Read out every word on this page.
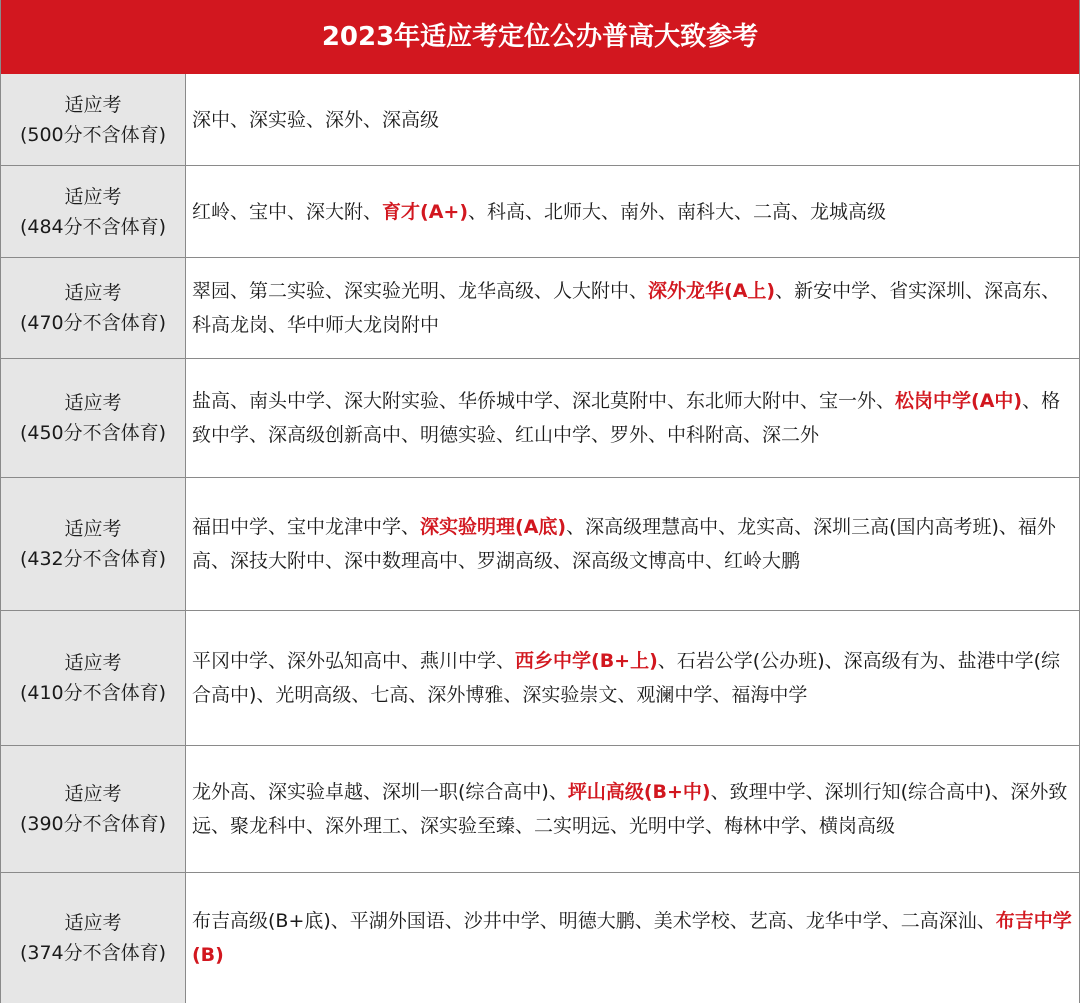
2023年适应考定位公办普高大致参考
适应考
(500分不含体育)
深中、深实验、深外、深高级
适应考
(484分不含体育)
红岭、宝中、深大附、育才(A+)、科高、北师大、南外、南科大、二高、龙城高级
适应考
(470分不含体育)
翠园、第二实验、深实验光明、龙华高级、人大附中、深外龙华(A上)、新安中学、省实深圳、深高东、科高龙岗、华中师大龙岗附中
适应考
(450分不含体育)
盐高、南头中学、深大附实验、华侨城中学、深北莫附中、东北师大附中、宝一外、松岗中学(A中)、格致中学、深高级创新高中、明德实验、红山中学、罗外、中科附高、深二外
适应考
(432分不含体育)
福田中学、宝中龙津中学、深实验明理(A底)、深高级理慧高中、龙实高、深圳三高(国内高考班)、福外高、深技大附中、深中数理高中、罗湖高级、深高级文博高中、红岭大鹏
适应考
(410分不含体育)
平冈中学、深外弘知高中、燕川中学、西乡中学(B+上)、石岩公学(公办班)、深高级有为、盐港中学(综合高中)、光明高级、七高、深外博雅、深实验崇文、观澜中学、福海中学
适应考
(390分不含体育)
龙外高、深实验卓越、深圳一职(综合高中)、坪山高级(B+中)、致理中学、深圳行知(综合高中)、深外致远、聚龙科中、深外理工、深实验至臻、二实明远、光明中学、梅林中学、横岗高级
适应考
(374分不含体育)
布吉高级(B+底)、平湖外国语、沙井中学、明德大鹏、美术学校、艺高、龙华中学、二高深汕、布吉中学(B)
